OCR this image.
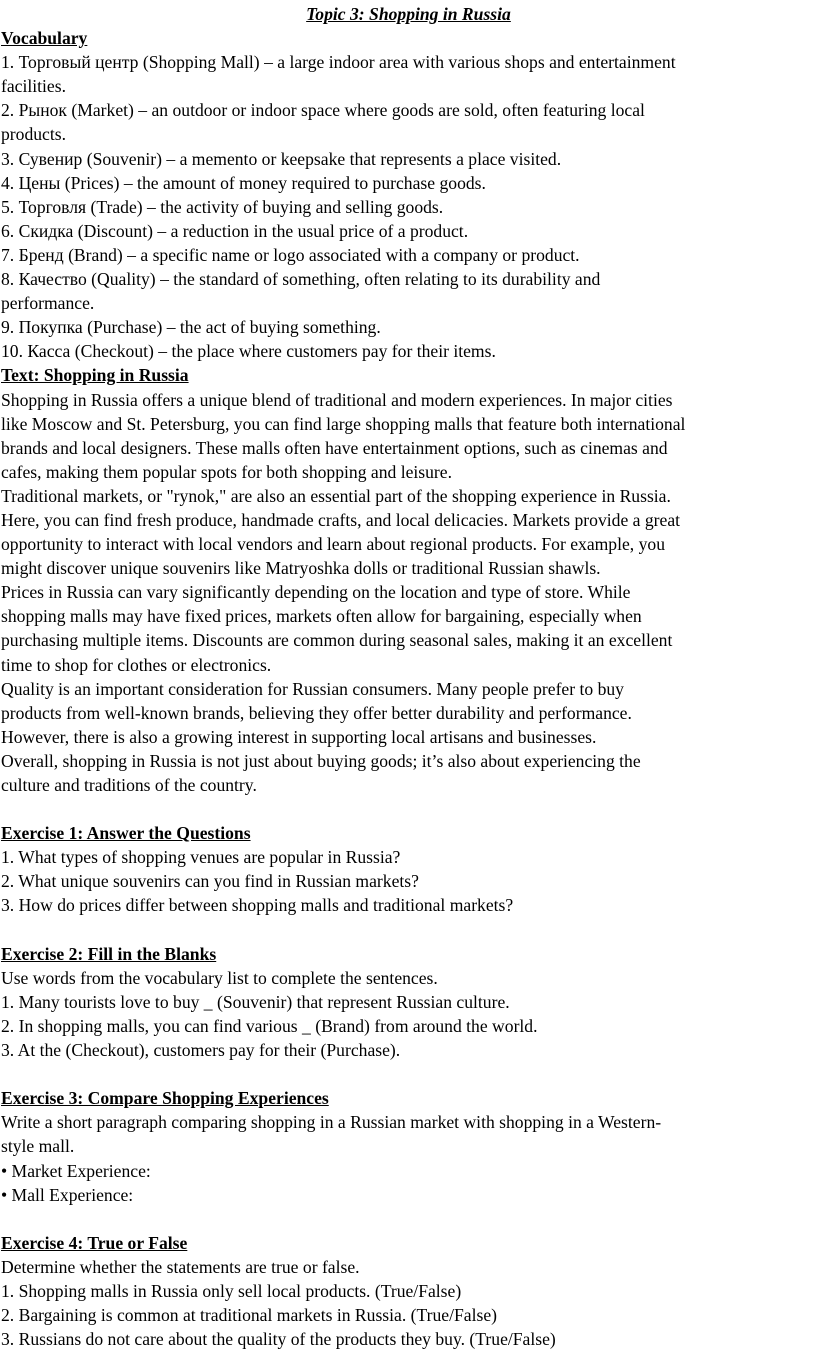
Topic 3: Shopping in Russia

Vocabulary

1. Торговый центр (Shopping Mall) – a large indoor area with various shops and entertainment

facilities.

2. Рынок (Market) – an outdoor or indoor space where goods are sold, often featuring local

products.

3. Сувенир (Souvenir) – a memento or keepsake that represents a place visited.

4. Цены (Prices) – the amount of money required to purchase goods.

5. Торговля (Trade) – the activity of buying and selling goods.

6. Скидка (Discount) – a reduction in the usual price of a product.

7. Бренд (Brand) – a specific name or logo associated with a company or product.

8. Качество (Quality) – the standard of something, often relating to its durability and

performance.

9. Покупка (Purchase) – the act of buying something.

10. Касса (Checkout) – the place where customers pay for their items.

Text: Shopping in Russia

Shopping in Russia offers a unique blend of traditional and modern experiences. In major cities

like Moscow and St. Petersburg, you can find large shopping malls that feature both international

brands and local designers. These malls often have entertainment options, such as cinemas and

cafes, making them popular spots for both shopping and leisure.

Traditional markets, or "rynok," are also an essential part of the shopping experience in Russia.

Here, you can find fresh produce, handmade crafts, and local delicacies. Markets provide a great

opportunity to interact with local vendors and learn about regional products. For example, you

might discover unique souvenirs like Matryoshka dolls or traditional Russian shawls.

Prices in Russia can vary significantly depending on the location and type of store. While

shopping malls may have fixed prices, markets often allow for bargaining, especially when

purchasing multiple items. Discounts are common during seasonal sales, making it an excellent

time to shop for clothes or electronics.

Quality is an important consideration for Russian consumers. Many people prefer to buy

products from well-known brands, believing they offer better durability and performance.

However, there is also a growing interest in supporting local artisans and businesses.

Overall, shopping in Russia is not just about buying goods; it’s also about experiencing the

culture and traditions of the country.

Exercise 1: Answer the Questions

1. What types of shopping venues are popular in Russia?

2. What unique souvenirs can you find in Russian markets?

3. How do prices differ between shopping malls and traditional markets?

Exercise 2: Fill in the Blanks

Use words from the vocabulary list to complete the sentences.

1. Many tourists love to buy _ (Souvenir) that represent Russian culture.

2. In shopping malls, you can find various _ (Brand) from around the world.

3. At the (Checkout), customers pay for their (Purchase).

Exercise 3: Compare Shopping Experiences

Write a short paragraph comparing shopping in a Russian market with shopping in a Western-

style mall.

• Market Experience:

• Mall Experience:

Exercise 4: True or False

Determine whether the statements are true or false.

1. Shopping malls in Russia only sell local products. (True/False)

2. Bargaining is common at traditional markets in Russia. (True/False)

3. Russians do not care about the quality of the products they buy. (True/False)
